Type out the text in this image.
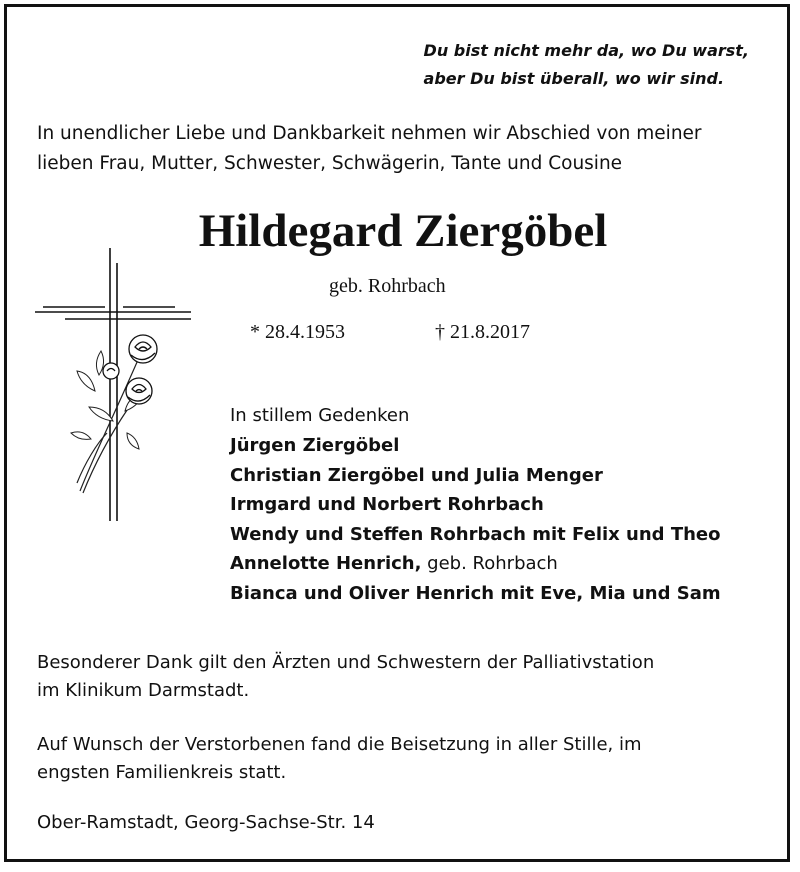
Du bist nicht mehr da, wo Du warst,
aber Du bist überall, wo wir sind.
In unendlicher Liebe und Dankbarkeit nehmen wir Abschied von meiner
lieben Frau, Mutter, Schwester, Schwägerin, Tante und Cousine
Hildegard Ziergöbel
geb. Rohrbach
* 28.4.1953	† 21.8.2017
In stillem Gedenken
Jürgen Ziergöbel
Christian Ziergöbel und Julia Menger
Irmgard und Norbert Rohrbach
Wendy und Steffen Rohrbach mit Felix und Theo
Annelotte Henrich, geb. Rohrbach
Bianca und Oliver Henrich mit Eve, Mia und Sam
Besonderer Dank gilt den Ärzten und Schwestern der Palliativstation
im Klinikum Darmstadt.
Auf Wunsch der Verstorbenen fand die Beisetzung in aller Stille, im
engsten Familienkreis statt.
Ober-Ramstadt, Georg-Sachse-Str. 14
